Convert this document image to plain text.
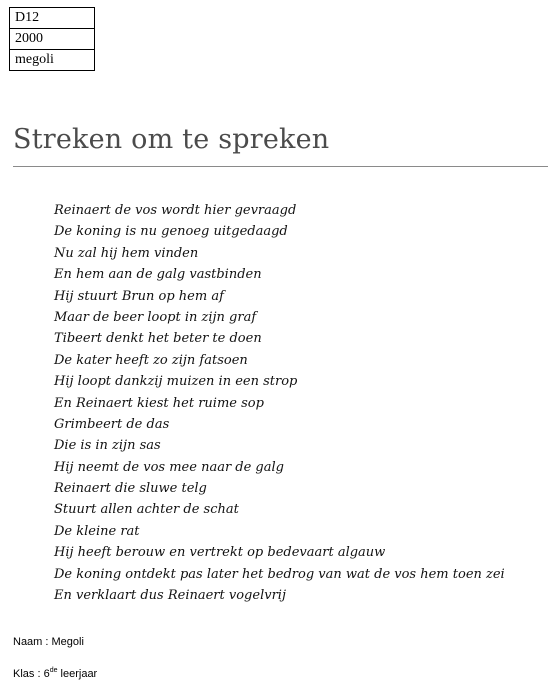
D12
2000
megoli
Streken om te spreken
Reinaert de vos wordt hier gevraagd
De koning is nu genoeg uitgedaagd
Nu zal hij hem vinden
En hem aan de galg vastbinden
Hij stuurt Brun op hem af
Maar de beer loopt in zijn graf
Tibeert denkt het beter te doen
De kater heeft zo zijn fatsoen
Hij loopt dankzij muizen in een strop
En Reinaert kiest het ruime sop
Grimbeert de das
Die is in zijn sas
Hij neemt de vos mee naar de galg
Reinaert die sluwe telg
Stuurt allen achter de schat
De kleine rat
Hij heeft berouw en vertrekt op bedevaart algauw
De koning ontdekt pas later het bedrog van wat de vos hem toen zei
En verklaart dus Reinaert vogelvrij
Naam : Megoli
Klas : 6de leerjaar
